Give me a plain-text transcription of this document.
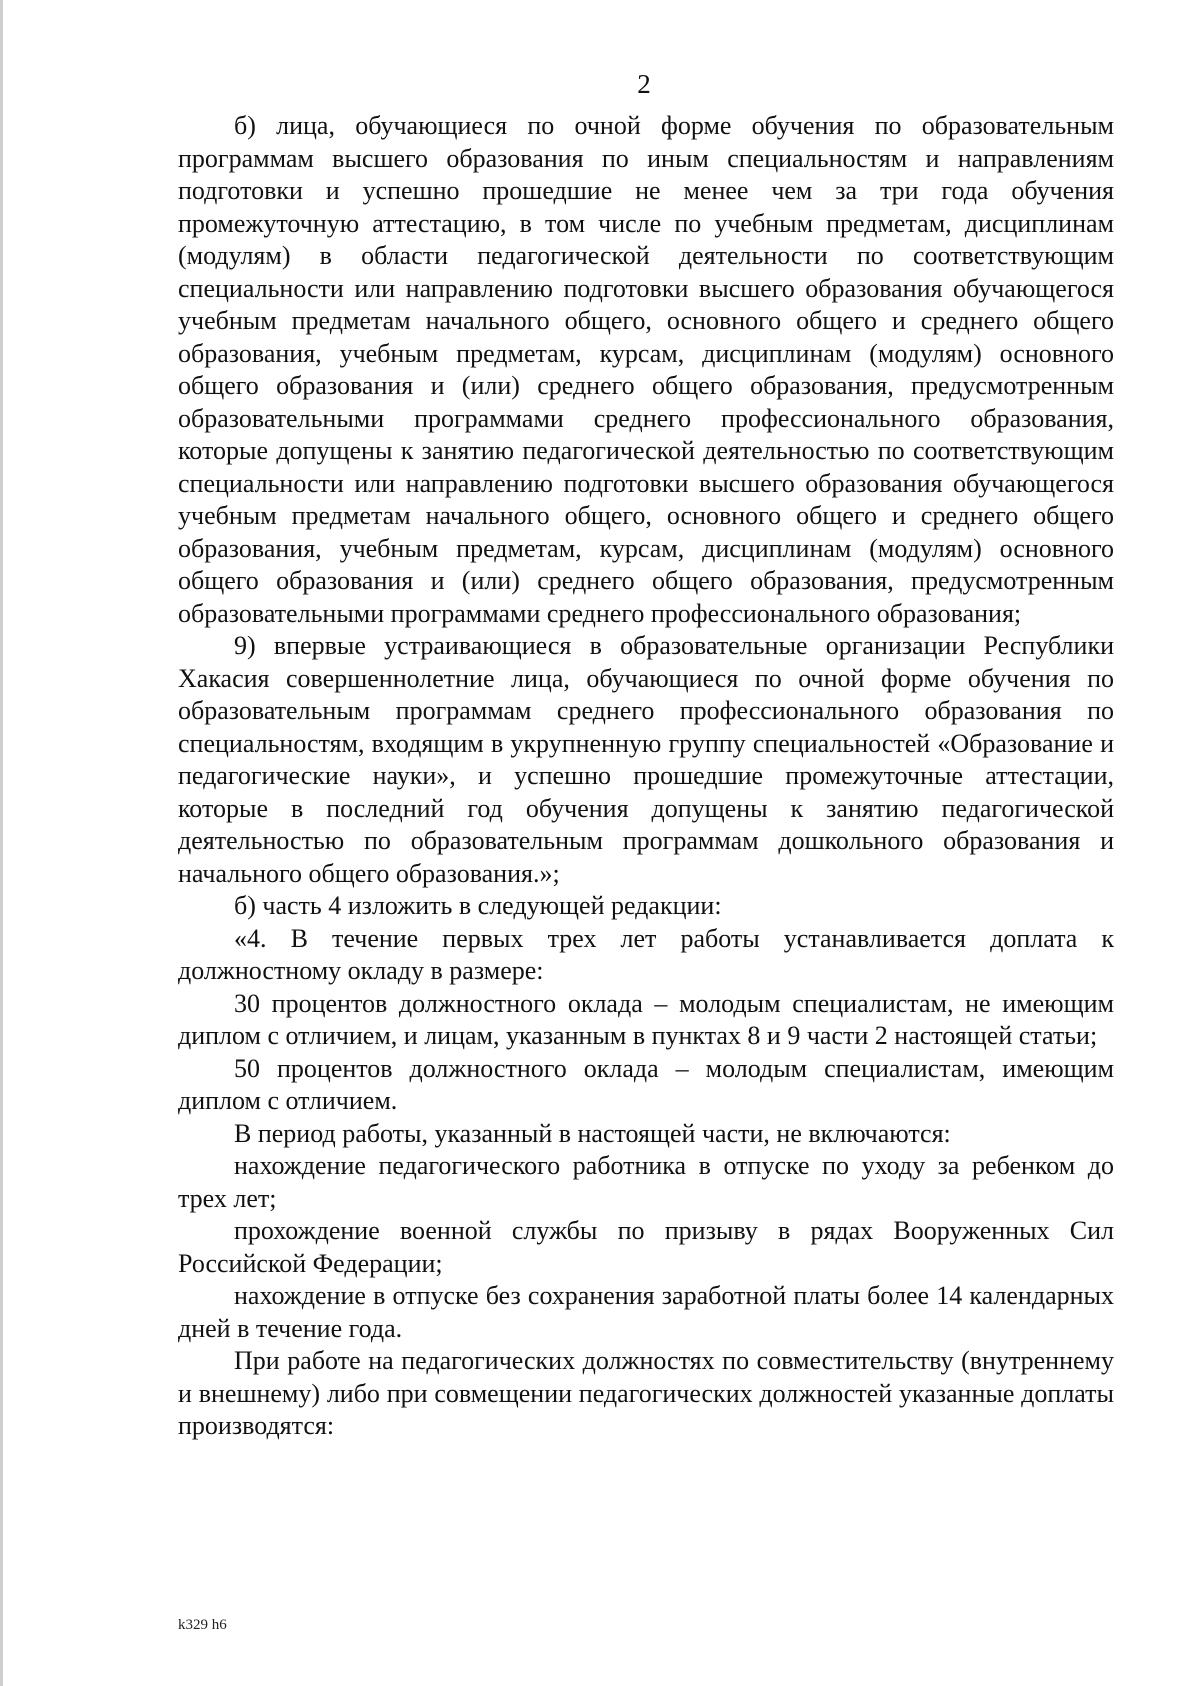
2

б) лица, обучающиеся по очной форме обучения по образовательным программам высшего образования по иным специальностям и направлениям подготовки и успешно прошедшие не менее чем за три года обучения промежуточную аттестацию, в том числе по учебным предметам, дисциплинам (модулям) в области педагогической деятельности по соответствующим специальности или направлению подготовки высшего образования обучающегося учебным предметам начального общего, основного общего и среднего общего образования, учебным предметам, курсам, дисциплинам (модулям) основного общего образования и (или) среднего общего образования, предусмотренным образовательными программами среднего профессионального образования, которые допущены к занятию педагогической деятельностью по соответствующим специальности или направлению подготовки высшего образования обучающегося учебным предметам начального общего, основного общего и среднего общего образования, учебным предметам, курсам, дисциплинам (модулям) основного общего образования и (или) среднего общего образования, предусмотренным образовательными программами среднего профессионального образования;

9) впервые устраивающиеся в образовательные организации Республики Хакасия совершеннолетние лица, обучающиеся по очной форме обучения по образовательным программам среднего профессионального образования по специальностям, входящим в укрупненную группу специальностей «Образование и педагогические науки», и успешно прошедшие промежуточные аттестации, которые в последний год обучения допущены к занятию педагогической деятельностью по образовательным программам дошкольного образования и начального общего образования.»;

б) часть 4 изложить в следующей редакции:

«4. В течение первых трех лет работы устанавливается доплата к должностному окладу в размере:

30 процентов должностного оклада – молодым специалистам, не имеющим диплом с отличием, и лицам, указанным в пунктах 8 и 9 части 2 настоящей статьи;

50 процентов должностного оклада – молодым специалистам, имеющим диплом с отличием.

В период работы, указанный в настоящей части, не включаются:

нахождение педагогического работника в отпуске по уходу за ребенком до трех лет;

прохождение военной службы по призыву в рядах Вооруженных Сил Российской Федерации;

нахождение в отпуске без сохранения заработной платы более 14 календарных дней в течение года.

При работе на педагогических должностях по совместительству (внутреннему и внешнему) либо при совмещении педагогических должностей указанные доплаты производятся:

k329 h6
